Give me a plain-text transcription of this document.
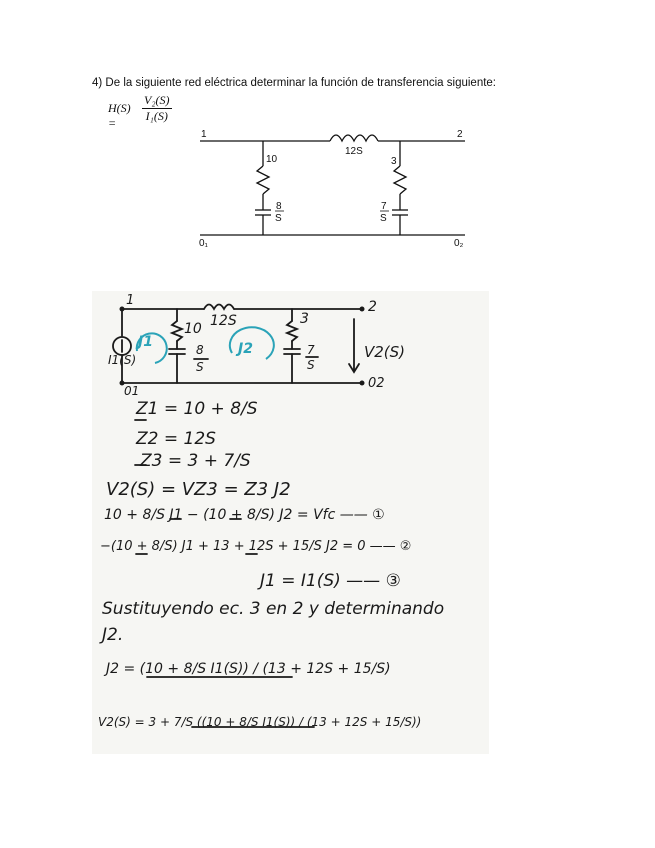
4) De la siguiente red eléctrica determinar la función de transferencia siguiente:
H(S) =	$\frac{\text{V₂(S)}}{\text{I₁(S)}}$
1	2
0₁	0₂
12S
10	3
8
S
7
S
1	2
01	02
12S
10
3
8
S
7
S
J1	J2
I1(S)	V2(S)
Z1 = 10 + 8/S
Z2 = 12S
Z3 = 3 + 7/S
V2(S) = VZ3 = Z3 J2
10 + 8/S J1 − (10 + 8/S) J2 = Vfc —— ①
−(10 + 8/S) J1 + 13 + 12S + 15/S J2 = 0 —— ②
J1 = I1(S) —— ③
Sustituyendo ec. 3 en 2 y determinando
J2.
J2 = (10 + 8/S I1(S)) / (13 + 12S + 15/S)
V2(S) = 3 + 7/S ((10 + 8/S I1(S)) / (13 + 12S + 15/S))
